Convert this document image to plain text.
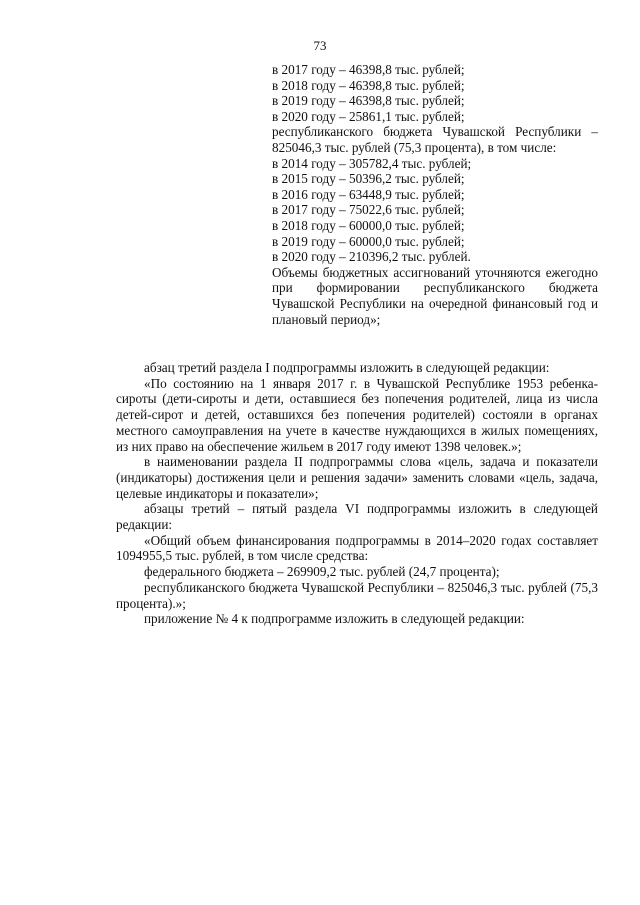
73
в 2017 году – 46398,8 тыс. рублей;
в 2018 году – 46398,8 тыс. рублей;
в 2019 году – 46398,8 тыс. рублей;
в 2020 году – 25861,1 тыс. рублей;
республиканского бюджета Чувашской Республики – 825046,3 тыс. рублей (75,3 процента), в том числе:
в 2014 году – 305782,4 тыс. рублей;
в 2015 году – 50396,2 тыс. рублей;
в 2016 году – 63448,9 тыс. рублей;
в 2017 году – 75022,6 тыс. рублей;
в 2018 году – 60000,0 тыс. рублей;
в 2019 году – 60000,0 тыс. рублей;
в 2020 году – 210396,2 тыс. рублей.
Объемы бюджетных ассигнований уточняются ежегодно при формировании республиканского бюджета Чувашской Республики на очередной финансовый год и плановый период»;

абзац третий раздела I подпрограммы изложить в следующей редакции:

«По состоянию на 1 января 2017 г. в Чувашской Республике 1953 ребенка-сироты (дети-сироты и дети, оставшиеся без попечения родителей, лица из числа детей-сирот и детей, оставшихся без попечения родителей) состояли в органах местного самоуправления на учете в качестве нуждающихся в жилых помещениях, из них право на обеспечение жильем в 2017 году имеют 1398 человек.»;

в наименовании раздела II подпрограммы слова «цель, задача и показатели (индикаторы) достижения цели и решения задачи» заменить словами «цель, задача, целевые индикаторы и показатели»;

абзацы третий – пятый раздела VI подпрограммы изложить в следующей редакции:

«Общий объем финансирования подпрограммы в 2014–2020 годах составляет 1094955,5 тыс. рублей, в том числе средства:

федерального бюджета – 269909,2 тыс. рублей (24,7 процента);

республиканского бюджета Чувашской Республики – 825046,3 тыс. рублей (75,3 процента).»;

приложение № 4 к подпрограмме изложить в следующей редакции:
